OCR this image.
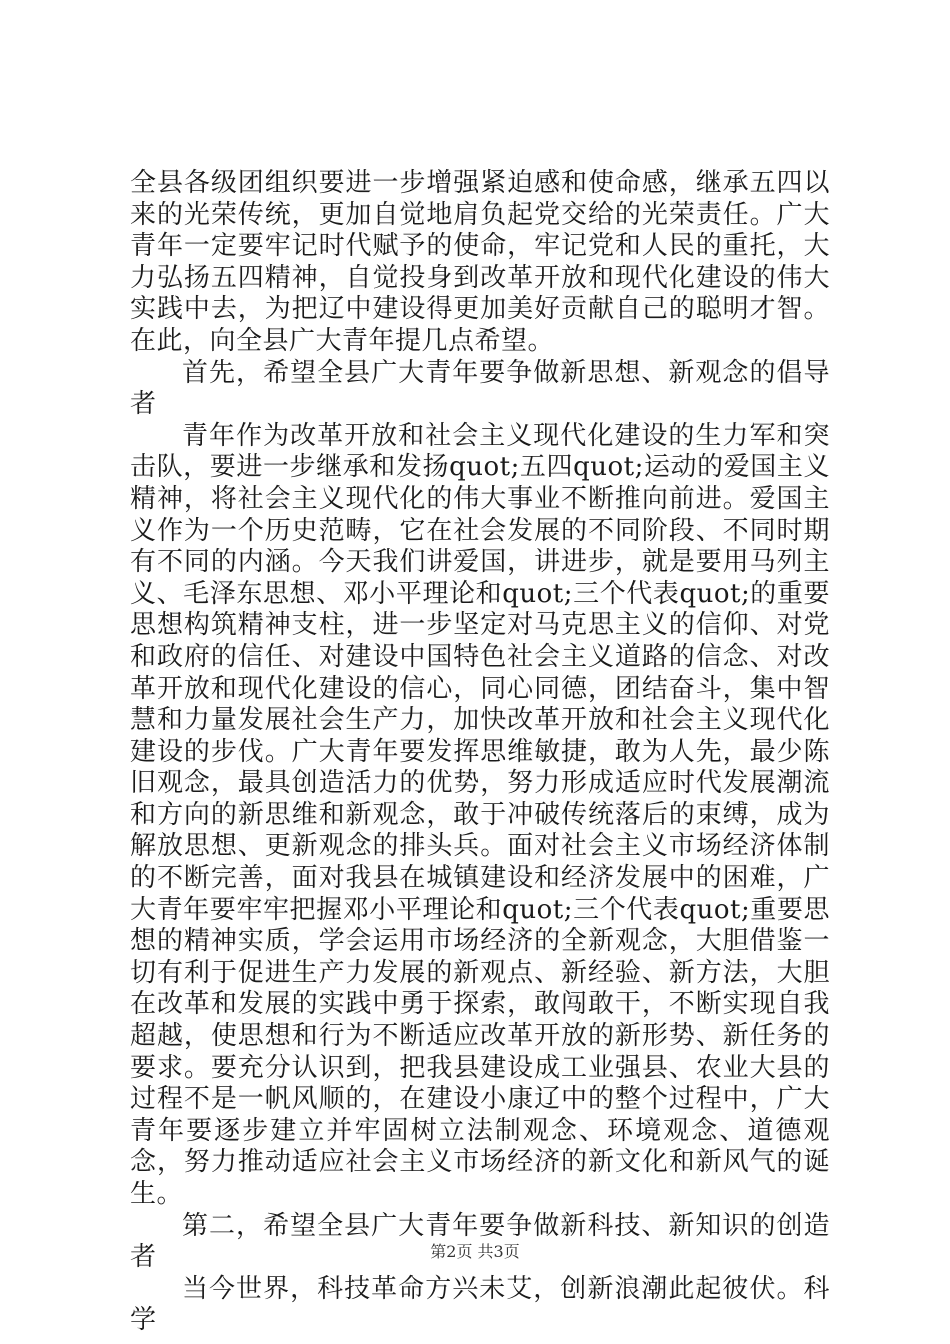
全县各级团组织要进一步增强紧迫感和使命感，继承五四以来的光荣传统，更加自觉地肩负起党交给的光荣责任。广大青年一定要牢记时代赋予的使命，牢记党和人民的重托，大力弘扬五四精神，自觉投身到改革开放和现代化建设的伟大实践中去，为把辽中建设得更加美好贡献自己的聪明才智。在此，向全县广大青年提几点希望。

首先，希望全县广大青年要争做新思想、新观念的倡导者

青年作为改革开放和社会主义现代化建设的生力军和突击队，要进一步继承和发扬quot;五四quot;运动的爱国主义精神，将社会主义现代化的伟大事业不断推向前进。爱国主义作为一个历史范畴，它在社会发展的不同阶段、不同时期有不同的内涵。今天我们讲爱国，讲进步，就是要用马列主义、毛泽东思想、邓小平理论和quot;三个代表quot;的重要思想构筑精神支柱，进一步坚定对马克思主义的信仰、对党和政府的信任、对建设中国特色社会主义道路的信念、对改革开放和现代化建设的信心，同心同德，团结奋斗，集中智慧和力量发展社会生产力，加快改革开放和社会主义现代化建设的步伐。广大青年要发挥思维敏捷，敢为人先，最少陈旧观念，最具创造活力的优势，努力形成适应时代发展潮流和方向的新思维和新观念，敢于冲破传统落后的束缚，成为解放思想、更新观念的排头兵。面对社会主义市场经济体制的不断完善，面对我县在城镇建设和经济发展中的困难，广大青年要牢牢把握邓小平理论和quot;三个代表quot;重要思想的精神实质，学会运用市场经济的全新观念，大胆借鉴一切有利于促进生产力发展的新观点、新经验、新方法，大胆在改革和发展的实践中勇于探索，敢闯敢干，不断实现自我超越，使思想和行为不断适应改革开放的新形势、新任务的要求。要充分认识到，把我县建设成工业强县、农业大县的过程不是一帆风顺的，在建设小康辽中的整个过程中，广大青年要逐步建立并牢固树立法制观念、环境观念、道德观念，努力推动适应社会主义市场经济的新文化和新风气的诞生。

第二，希望全县广大青年要争做新科技、新知识的创造者

当今世界，科技革命方兴未艾，创新浪潮此起彼伏。科学

第2页 共3页
